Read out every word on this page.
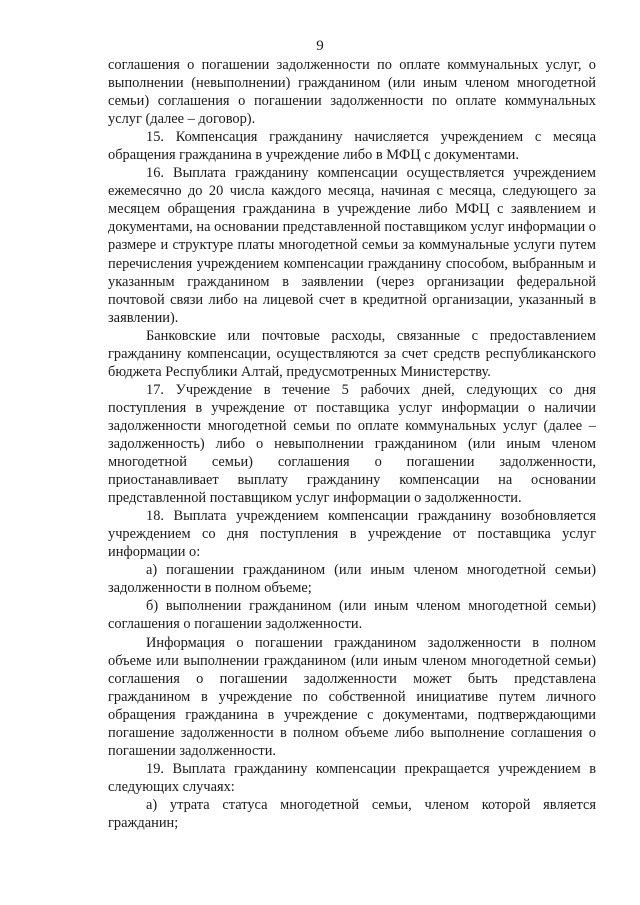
9

соглашения о погашении задолженности по оплате коммунальных услуг, о выполнении (невыполнении) гражданином (или иным членом многодетной семьи) соглашения о погашении задолженности по оплате коммунальных услуг (далее – договор).

15. Компенсация гражданину начисляется учреждением с месяца обращения гражданина в учреждение либо в МФЦ с документами.

16. Выплата гражданину компенсации осуществляется учреждением ежемесячно до 20 числа каждого месяца, начиная с месяца, следующего за месяцем обращения гражданина в учреждение либо МФЦ с заявлением и документами, на основании представленной поставщиком услуг информации о размере и структуре платы многодетной семьи за коммунальные услуги путем перечисления учреждением компенсации гражданину способом, выбранным и указанным гражданином в заявлении (через организации федеральной почтовой связи либо на лицевой счет в кредитной организации, указанный в заявлении).

Банковские или почтовые расходы, связанные с предоставлением гражданину компенсации, осуществляются за счет средств республиканского бюджета Республики Алтай, предусмотренных Министерству.

17. Учреждение в течение 5 рабочих дней, следующих со дня поступления в учреждение от поставщика услуг информации о наличии задолженности многодетной семьи по оплате коммунальных услуг (далее – задолженность) либо о невыполнении гражданином (или иным членом многодетной семьи) соглашения о погашении задолженности, приостанавливает выплату гражданину компенсации на основании представленной поставщиком услуг информации о задолженности.

18. Выплата учреждением компенсации гражданину возобновляется учреждением со дня поступления в учреждение от поставщика услуг информации о:

а) погашении гражданином (или иным членом многодетной семьи) задолженности в полном объеме;

б) выполнении гражданином (или иным членом многодетной семьи) соглашения о погашении задолженности.

Информация о погашении гражданином задолженности в полном объеме или выполнении гражданином (или иным членом многодетной семьи) соглашения о погашении задолженности может быть представлена гражданином в учреждение по собственной инициативе путем личного обращения гражданина в учреждение с документами, подтверждающими погашение задолженности в полном объеме либо выполнение соглашения о погашении задолженности.

19. Выплата гражданину компенсации прекращается учреждением в следующих случаях:

а) утрата статуса многодетной семьи, членом которой является гражданин;
